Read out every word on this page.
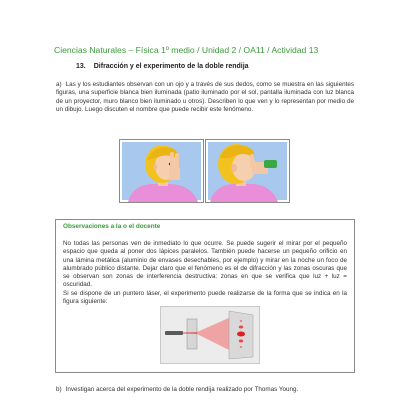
Ciencias Naturales – Física 1º medio / Unidad 2 / OA11 / Actividad 13
13. Difracción y el experimento de la doble rendija
a) Las y los estudiantes observan con un ojo y a través de sus dedos, como se muestra en las siguientes figuras, una superficie blanca bien iluminada (patio iluminado por el sol, pantalla iluminada con luz blanca de un proyector, muro blanco bien iluminado u otros). Describen lo que ven y lo representan por medio de un dibujo. Luego discuten el nombre que puede recibir este fenómeno.
Observaciones a la o el docente

No todas las personas ven de inmediato lo que ocurre. Se puede sugerir el mirar por el pequeño espacio que queda al poner dos lápices paralelos. También puede hacerse un pequeño orificio en una lámina metálica (aluminio de envases desechables, por ejemplo) y mirar en la noche un foco de alumbrado público distante. Dejar claro que el fenómeno es el de difracción y las zonas oscuras que se observan son zonas de interferencia destructiva: zonas en que se verifica que luz + luz = oscuridad.

Si se dispone de un puntero láser, el experimento puede realizarse de la forma que se indica en la figura siguiente:

b) Investigan acerca del experimento de la doble rendija realizado por Thomas Young.
